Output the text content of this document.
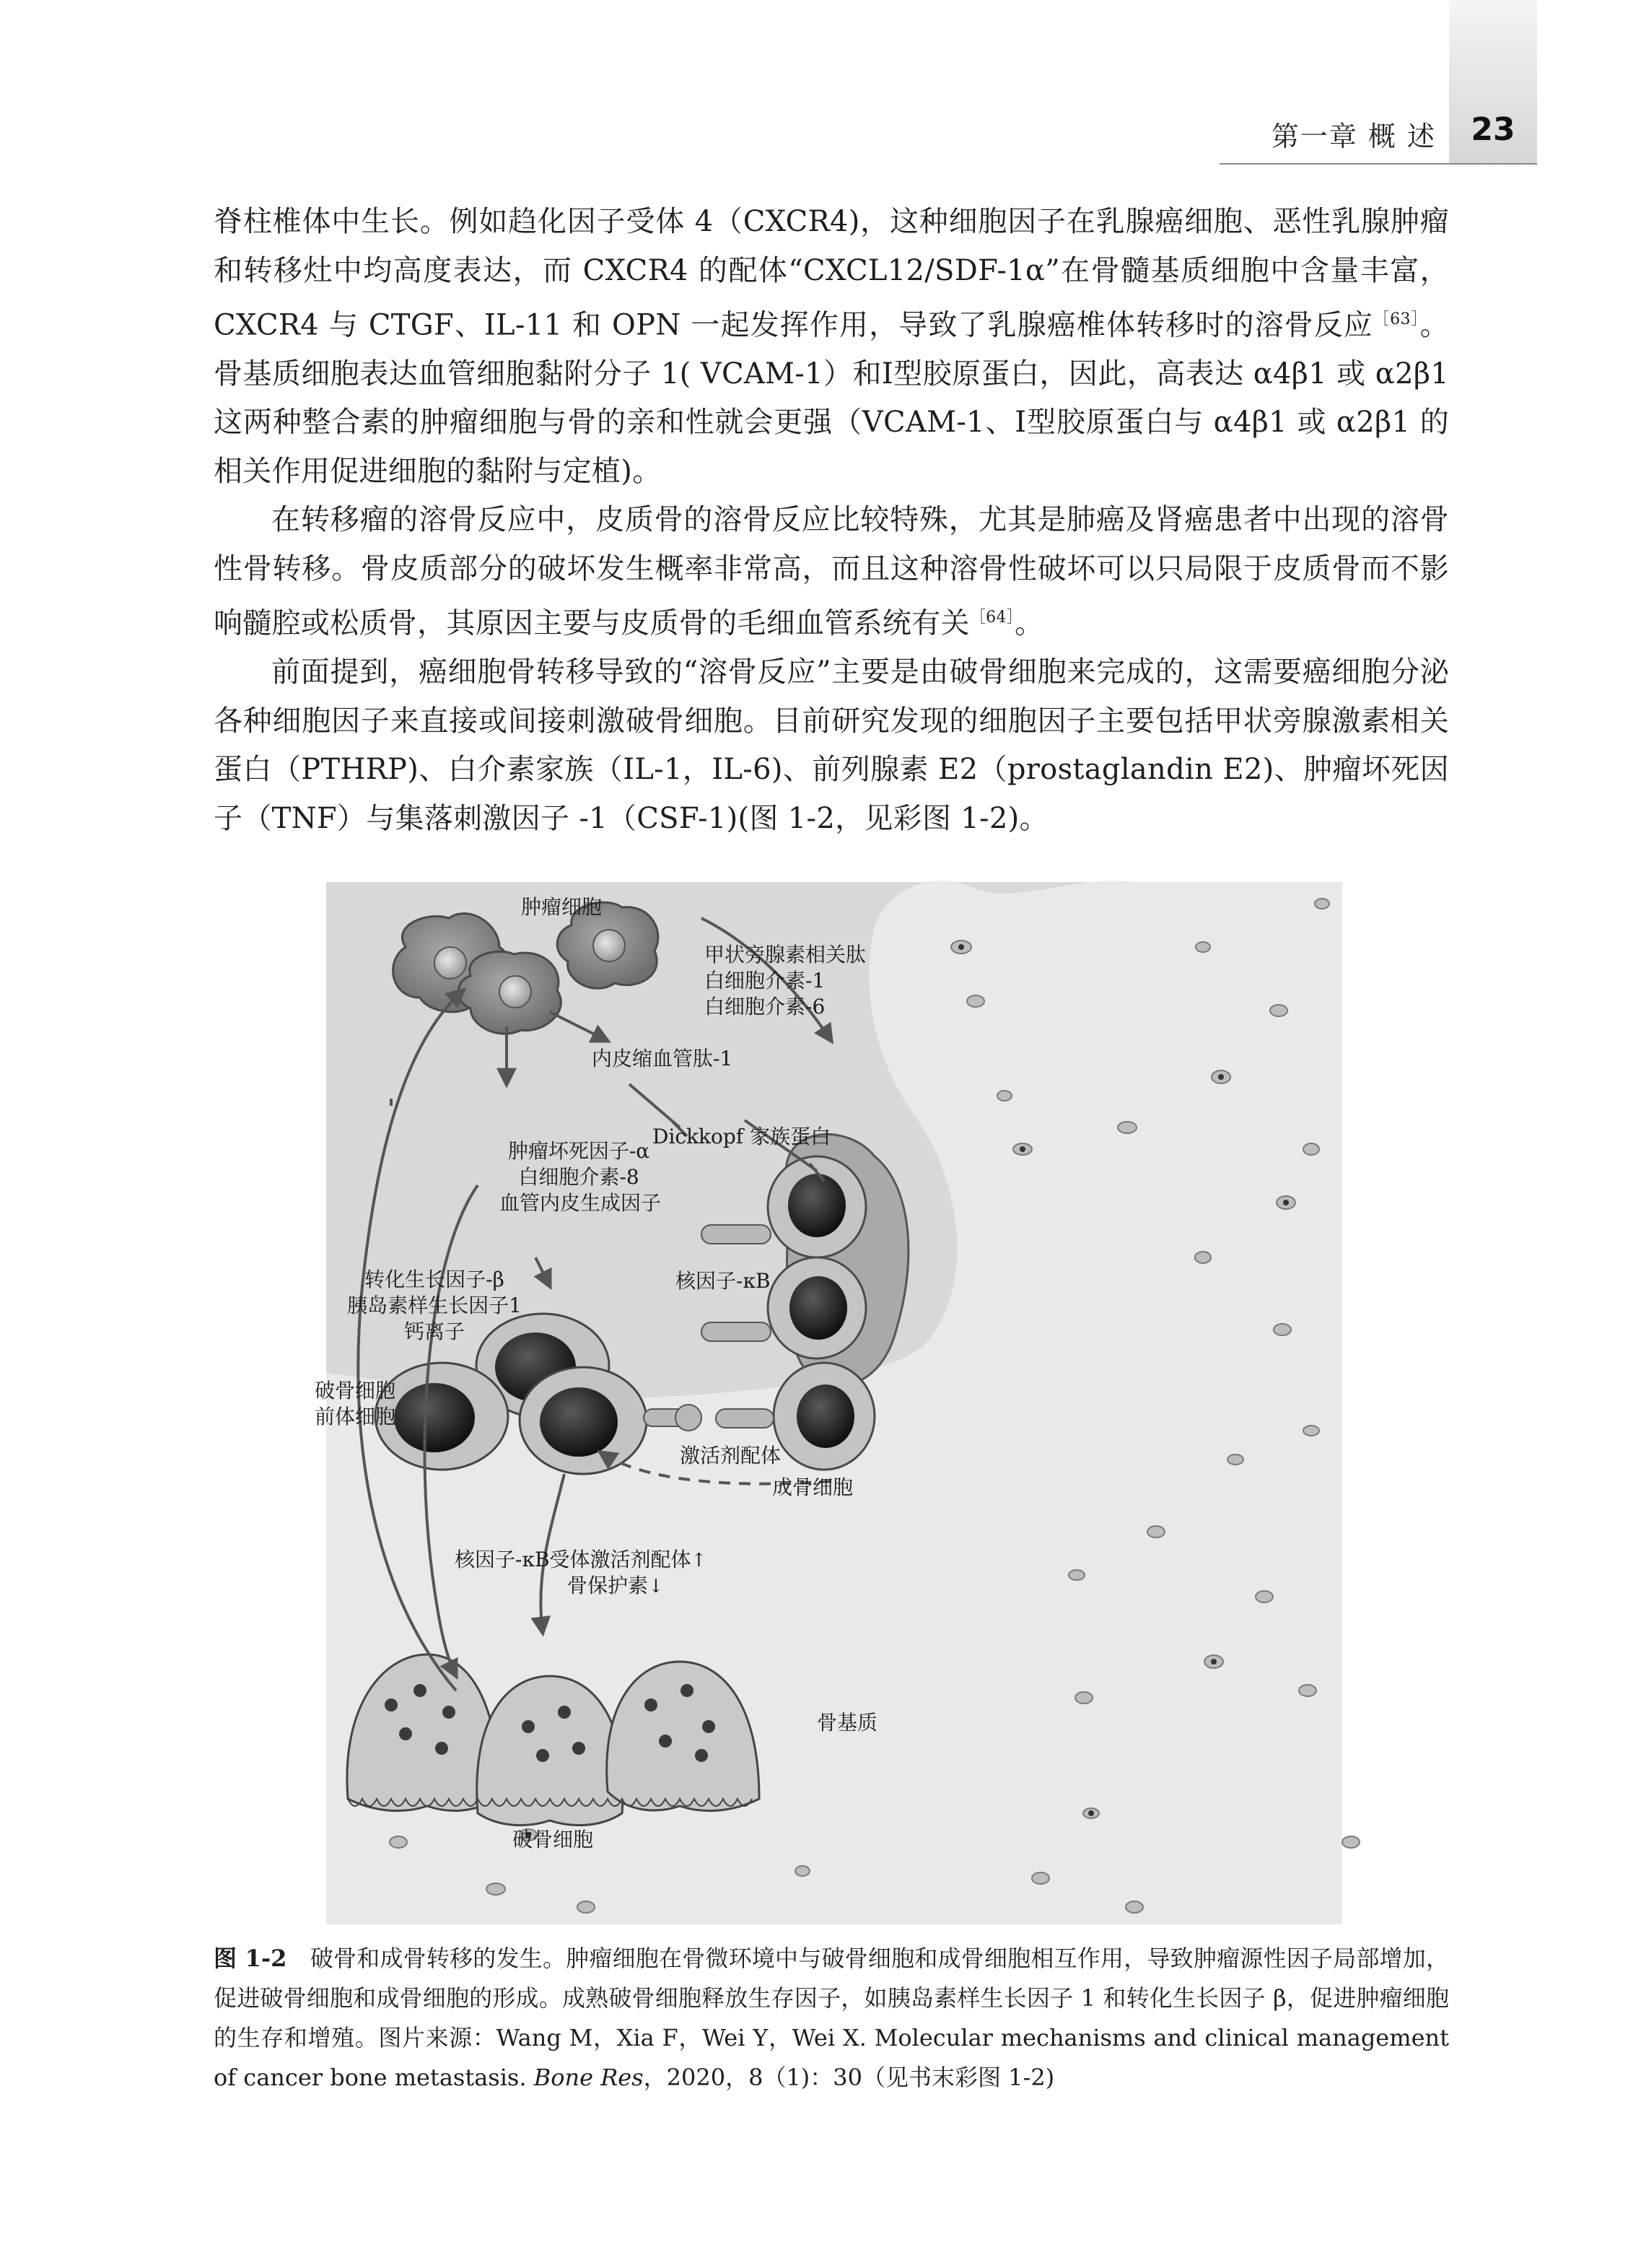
第一章 概 述	23

脊柱椎体中生长。例如趋化因子受体 4（CXCR4)，这种细胞因子在乳腺癌细胞、恶性乳腺肿瘤和转移灶中均高度表达，而 CXCR4 的配体“CXCL12/SDF-1α”在骨髓基质细胞中含量丰富，CXCR4 与 CTGF、IL-11 和 OPN 一起发挥作用，导致了乳腺癌椎体转移时的溶骨反应$^{[63]}$。骨基质细胞表达血管细胞黏附分子 1( VCAM-1）和Ⅰ型胶原蛋白，因此，高表达 α4β1 或 α2β1 这两种整合素的肿瘤细胞与骨的亲和性就会更强（VCAM-1、Ⅰ型胶原蛋白与 α4β1 或 α2β1 的相关作用促进细胞的黏附与定植)。

在转移瘤的溶骨反应中，皮质骨的溶骨反应比较特殊，尤其是肺癌及肾癌患者中出现的溶骨性骨转移。骨皮质部分的破坏发生概率非常高，而且这种溶骨性破坏可以只局限于皮质骨而不影响髓腔或松质骨，其原因主要与皮质骨的毛细血管系统有关$^{[64]}$。

前面提到，癌细胞骨转移导致的“溶骨反应”主要是由破骨细胞来完成的，这需要癌细胞分泌各种细胞因子来直接或间接刺激破骨细胞。目前研究发现的细胞因子主要包括甲状旁腺激素相关蛋白（PTHRP)、白介素家族（IL-1，IL-6)、前列腺素 E2（prostaglandin E2)、肿瘤坏死因子（TNF）与集落刺激因子 -1（CSF-1)(图 1-2，见彩图 1-2)。

肿瘤细胞
甲状旁腺素相关肽
白细胞介素-1
白细胞介素-6
内皮缩血管肽-1
Dickkopf 家族蛋白
肿瘤坏死因子-α
白细胞介素-8
血管内皮生成因子
转化生长因子-β
胰岛素样生长因子1
钙离子
核因子-κB
破骨细胞
前体细胞
激活剂配体
成骨细胞
核因子-κB受体激活剂配体↑
骨保护素↓
骨基质
破骨细胞
图 1-2　 破骨和成骨转移的发生。肿瘤细胞在骨微环境中与破骨细胞和成骨细胞相互作用，导致肿瘤源性因子局部增加，促进破骨细胞和成骨细胞的形成。成熟破骨细胞释放生存因子，如胰岛素样生长因子 1 和转化生长因子 β，促进肿瘤细胞的生存和增殖。图片来源：Wang M，Xia F，Wei Y，Wei X. Molecular mechanisms and clinical management of cancer bone metastasis. Bone Res，2020，8（1)：30（见书末彩图 1-2)
